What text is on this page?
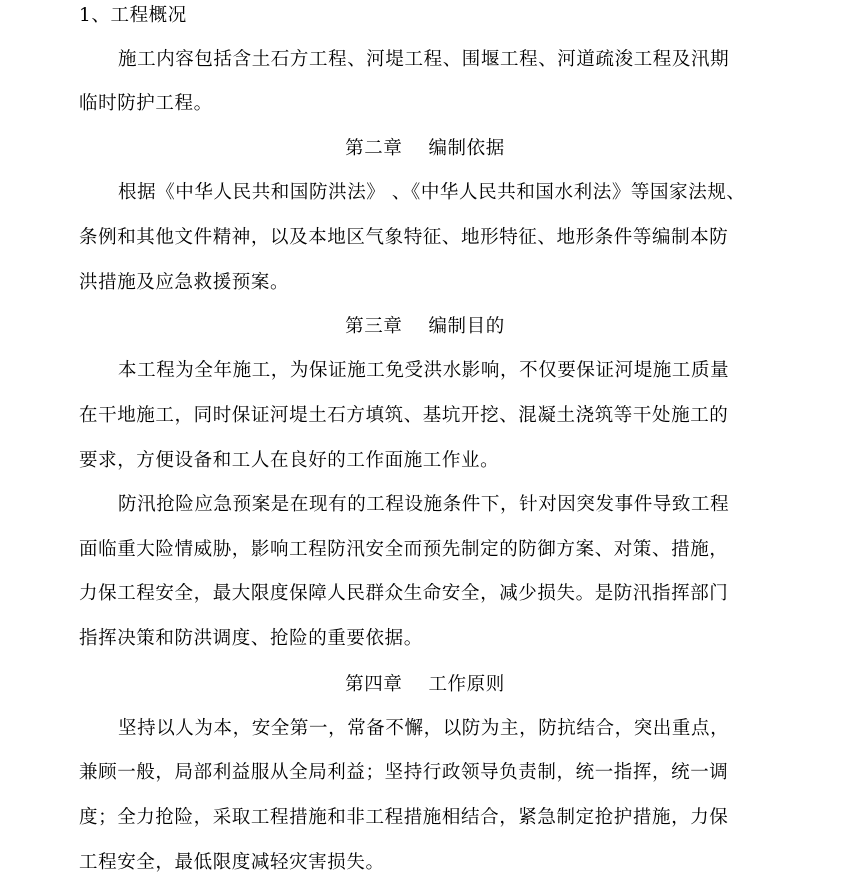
1、工程概况
施工内容包括含土石方工程、河堤工程、围堰工程、河道疏浚工程及汛期
临时防护工程。
第二章 编制依据
根据《中华人民共和国防洪法》 、《中华人民共和国水利法》等国家法规、
条例和其他文件精神，以及本地区气象特征、地形特征、地形条件等编制本防
洪措施及应急救援预案。
第三章 编制目的
本工程为全年施工，为保证施工免受洪水影响，不仅要保证河堤施工质量
在干地施工，同时保证河堤土石方填筑、基坑开挖、混凝土浇筑等干处施工的
要求，方便设备和工人在良好的工作面施工作业。
防汛抢险应急预案是在现有的工程设施条件下，针对因突发事件导致工程
面临重大险情威胁，影响工程防汛安全而预先制定的防御方案、对策、措施，
力保工程安全，最大限度保障人民群众生命安全，减少损失。是防汛指挥部门
指挥决策和防洪调度、抢险的重要依据。
第四章 工作原则
坚持以人为本，安全第一，常备不懈，以防为主，防抗结合，突出重点，
兼顾一般，局部利益服从全局利益；坚持行政领导负责制，统一指挥，统一调
度；全力抢险，采取工程措施和非工程措施相结合，紧急制定抢护措施，力保
工程安全，最低限度减轻灾害损失。
